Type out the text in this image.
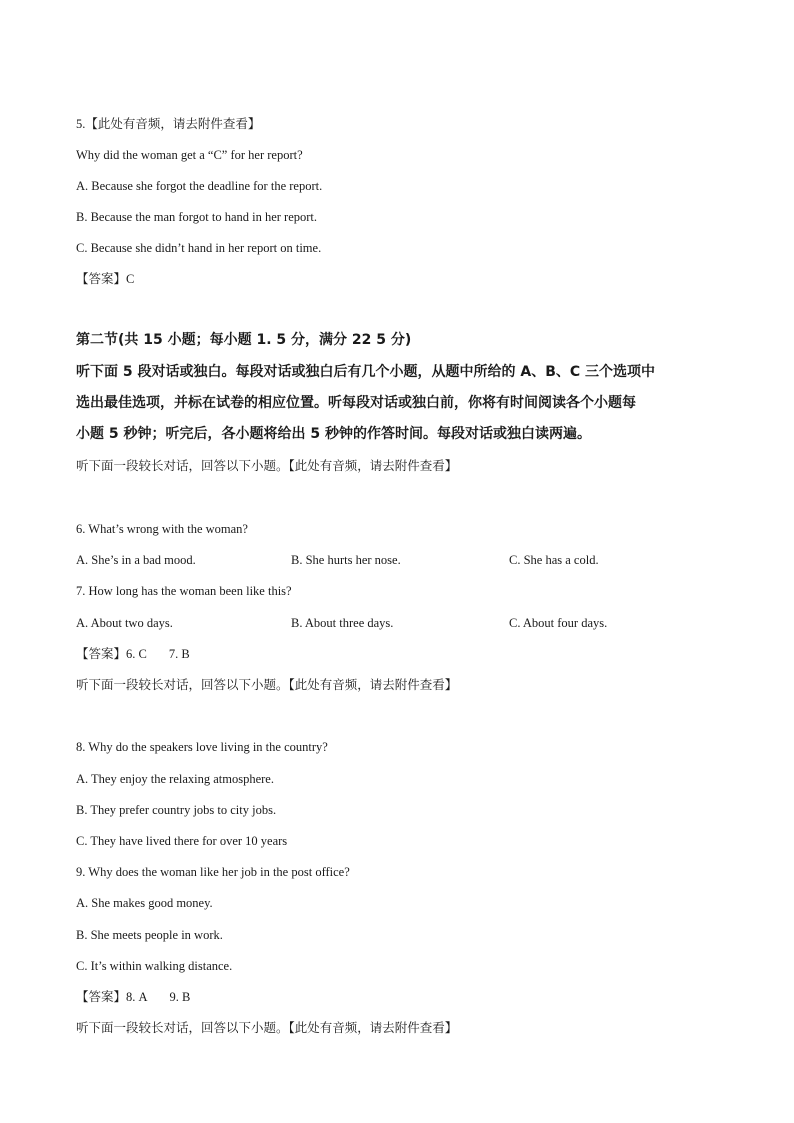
5.【此处有音频，请去附件查看】
Why did the woman get a “C” for her report?
A. Because she forgot the deadline for the report.
B. Because the man forgot to hand in her report.
C. Because she didn’t hand in her report on time.
【答案】C
第二节(共 15 小题；每小题 1. 5 分，满分 22 5 分)
听下面 5 段对话或独白。每段对话或独白后有几个小题，从题中所给的 A、B、C 三个选项中
选出最佳选项，并标在试卷的相应位置。听每段对话或独白前，你将有时间阅读各个小题每
小题 5 秒钟；听完后，各小题将给出 5 秒钟的作答时间。每段对话或独白读两遍。
听下面一段较长对话，回答以下小题。【此处有音频，请去附件查看】
6. What’s wrong with the woman?
A. She’s in a bad mood.	B. She hurts her nose.	C. She has a cold.
7. How long has the woman been like this?
A. About two days.	B. About three days.	C. About four days.
【答案】6. C 7. B
听下面一段较长对话，回答以下小题。【此处有音频，请去附件查看】
8. Why do the speakers love living in the country?
A. They enjoy the relaxing atmosphere.
B. They prefer country jobs to city jobs.
C. They have lived there for over 10 years
9. Why does the woman like her job in the post office?
A. She makes good money.
B. She meets people in work.
C. It’s within walking distance.
【答案】8. A 9. B
听下面一段较长对话，回答以下小题。【此处有音频，请去附件查看】
